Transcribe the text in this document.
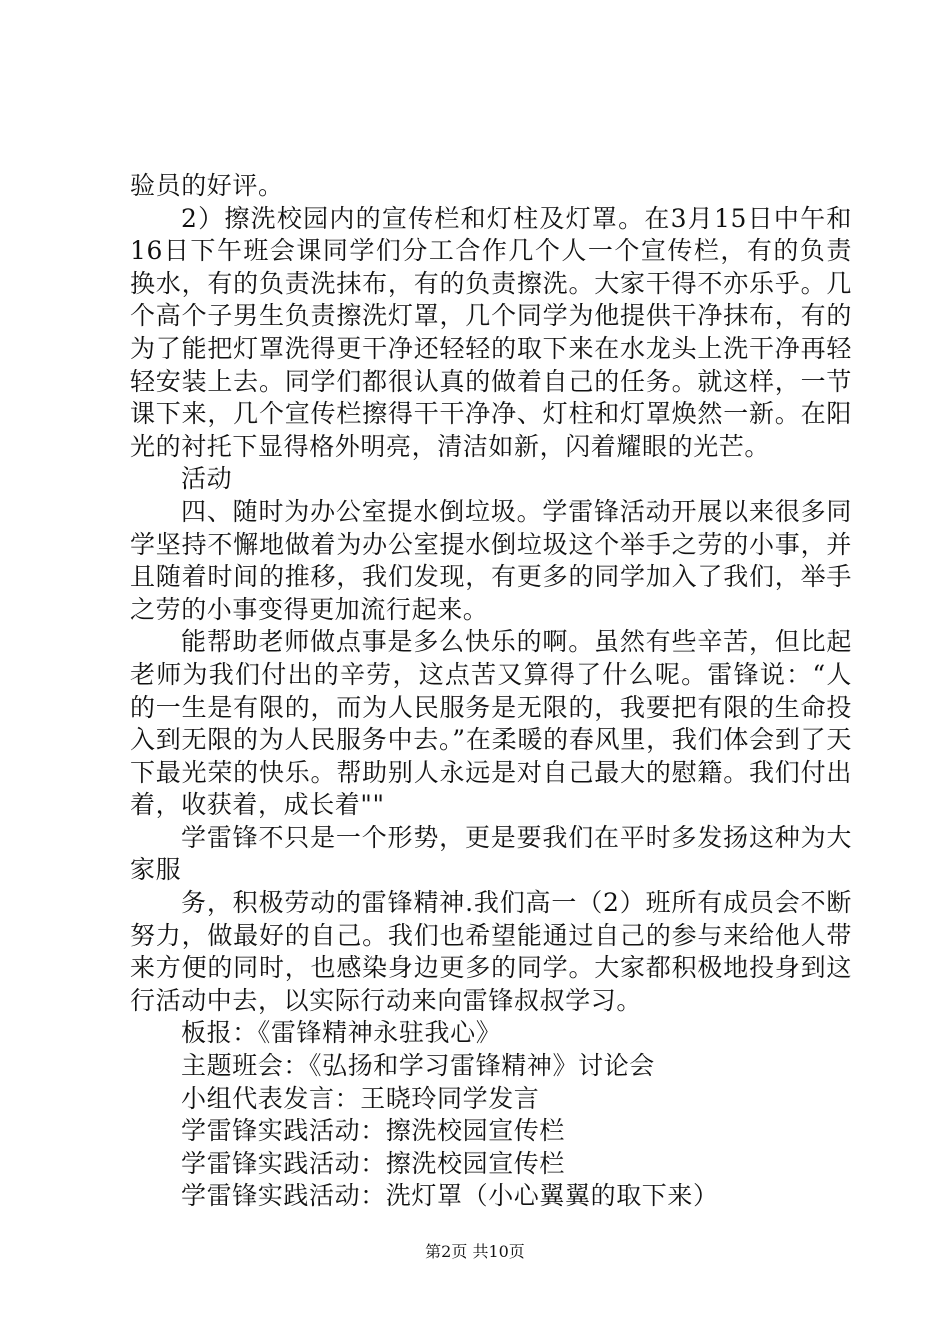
验员的好评。

2）擦洗校园内的宣传栏和灯柱及灯罩。在3月15日中午和16日下午班会课同学们分工合作几个人一个宣传栏，有的负责换水，有的负责洗抹布，有的负责擦洗。大家干得不亦乐乎。几个高个子男生负责擦洗灯罩，几个同学为他提供干净抹布，有的为了能把灯罩洗得更干净还轻轻的取下来在水龙头上洗干净再轻轻安装上去。同学们都很认真的做着自己的任务。就这样，一节课下来，几个宣传栏擦得干干净净、灯柱和灯罩焕然一新。在阳光的衬托下显得格外明亮，清洁如新，闪着耀眼的光芒。

活动

四、随时为办公室提水倒垃圾。学雷锋活动开展以来很多同学坚持不懈地做着为办公室提水倒垃圾这个举手之劳的小事，并且随着时间的推移，我们发现，有更多的同学加入了我们，举手之劳的小事变得更加流行起来。

能帮助老师做点事是多么快乐的啊。虽然有些辛苦，但比起老师为我们付出的辛劳，这点苦又算得了什么呢。雷锋说：“人的一生是有限的，而为人民服务是无限的，我要把有限的生命投入到无限的为人民服务中去。”在柔暖的春风里，我们体会到了天下最光荣的快乐。帮助别人永远是对自己最大的慰籍。我们付出着，收获着，成长着""

学雷锋不只是一个形势，更是要我们在平时多发扬这种为大家服

务，积极劳动的雷锋精神.我们高一（2）班所有成员会不断努力，做最好的自己。我们也希望能通过自己的参与来给他人带来方便的同时，也感染身边更多的同学。大家都积极地投身到这行活动中去，以实际行动来向雷锋叔叔学习。

板报：《雷锋精神永驻我心》

主题班会：《弘扬和学习雷锋精神》讨论会

小组代表发言：王晓玲同学发言

学雷锋实践活动：擦洗校园宣传栏

学雷锋实践活动：擦洗校园宣传栏

学雷锋实践活动：洗灯罩（小心翼翼的取下来）

第2页 共10页
